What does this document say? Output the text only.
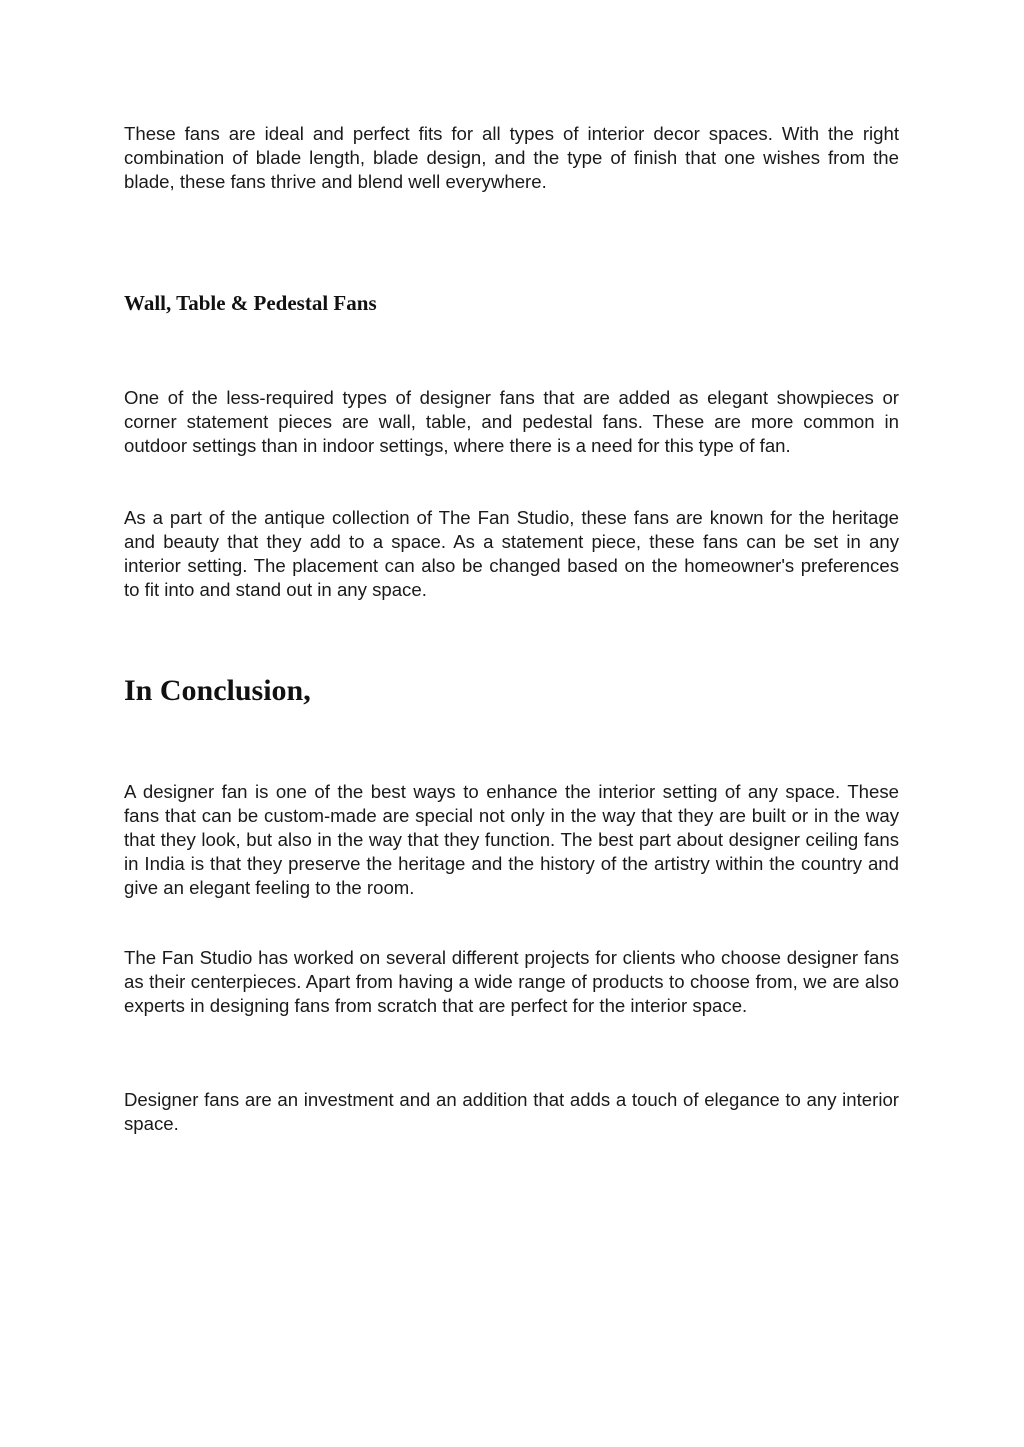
These fans are ideal and perfect fits for all types of interior decor spaces. With the right combination of blade length, blade design, and the type of finish that one wishes from the blade, these fans thrive and blend well everywhere.

Wall, Table & Pedestal Fans

One of the less-required types of designer fans that are added as elegant showpieces or corner statement pieces are wall, table, and pedestal fans. These are more common in outdoor settings than in indoor settings, where there is a need for this type of fan.

As a part of the antique collection of The Fan Studio, these fans are known for the heritage and beauty that they add to a space. As a statement piece, these fans can be set in any interior setting. The placement can also be changed based on the homeowner's preferences to fit into and stand out in any space.

In Conclusion,

A designer fan is one of the best ways to enhance the interior setting of any space. These fans that can be custom-made are special not only in the way that they are built or in the way that they look, but also in the way that they function. The best part about designer ceiling fans in India is that they preserve the heritage and the history of the artistry within the country and give an elegant feeling to the room.

The Fan Studio has worked on several different projects for clients who choose designer fans as their centerpieces. Apart from having a wide range of products to choose from, we are also experts in designing fans from scratch that are perfect for the interior space.

Designer fans are an investment and an addition that adds a touch of elegance to any interior space.
